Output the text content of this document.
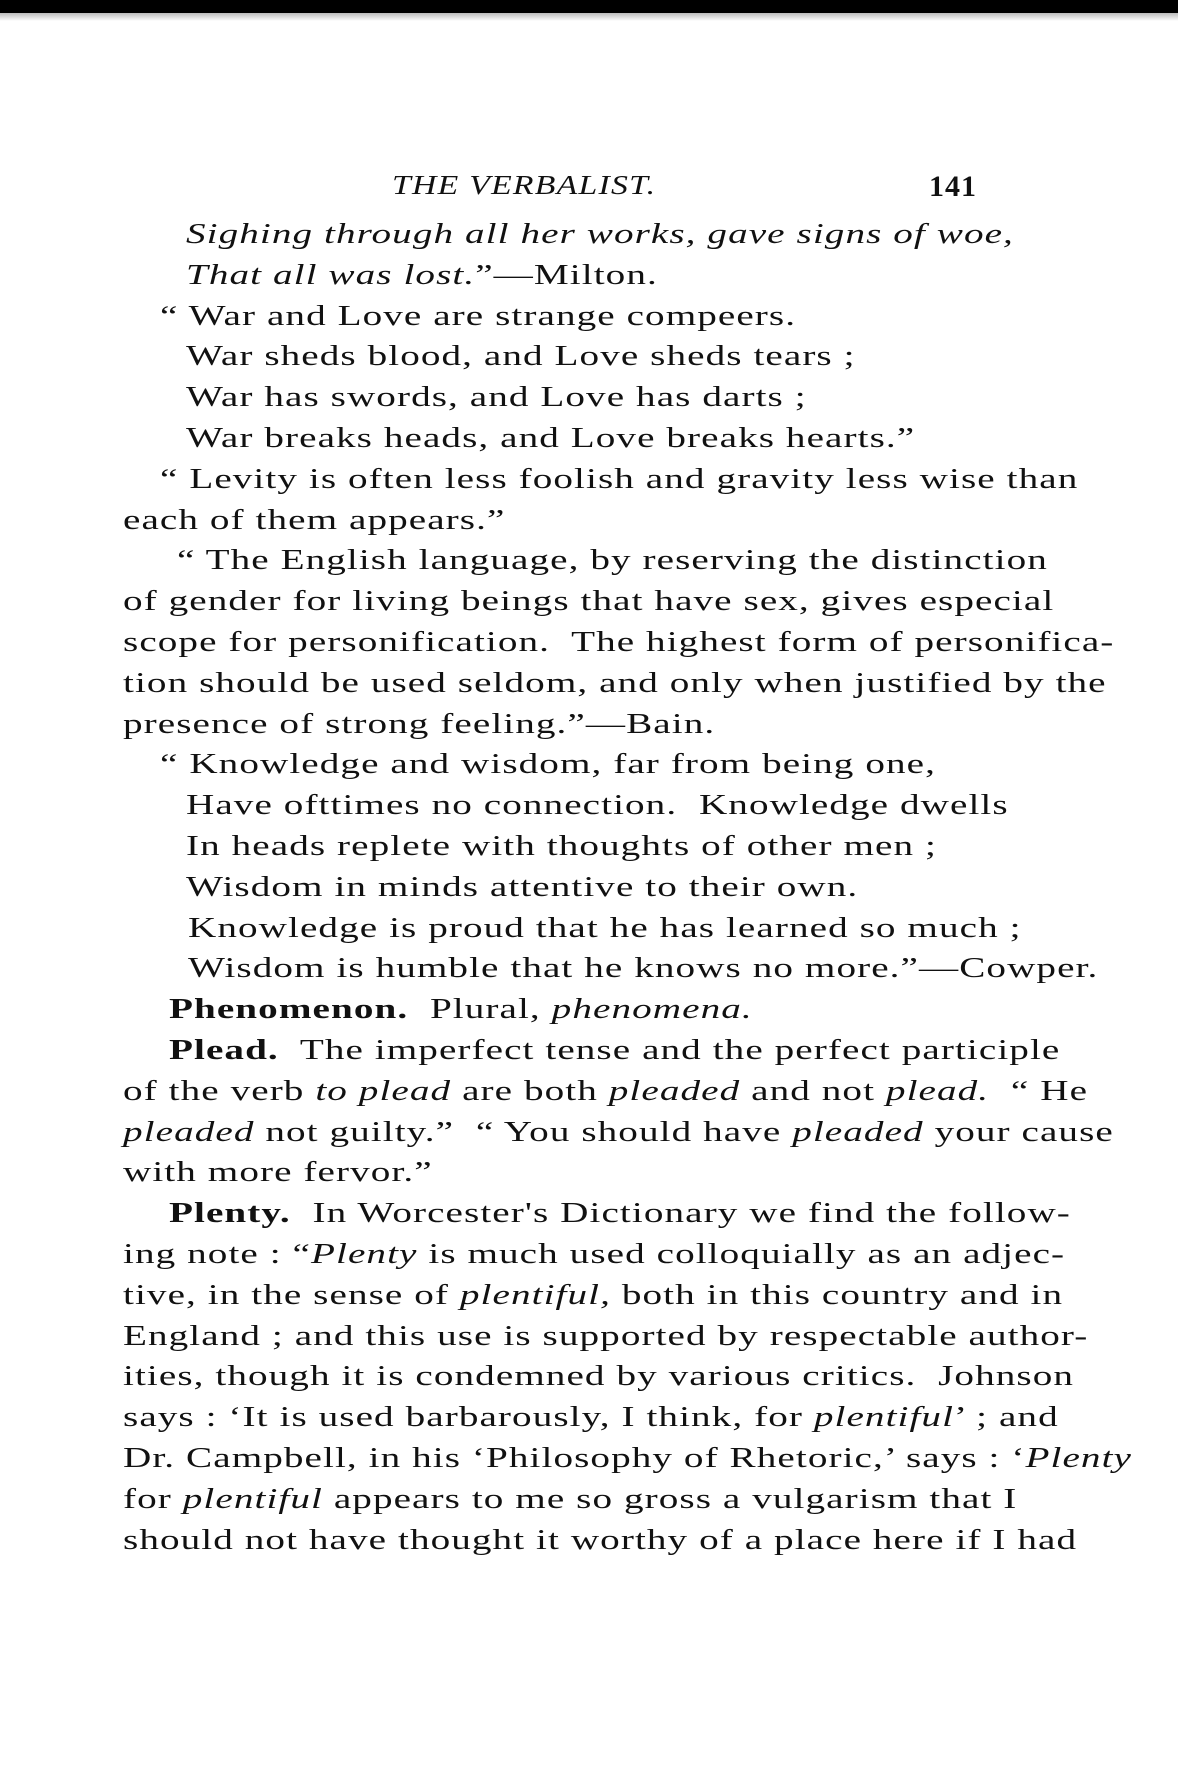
THE VERBALIST.	141
Sighing through all her works, gave signs of woe,
That all was lost.”—Milton.
“ War and Love are strange compeers.
War sheds blood, and Love sheds tears ;
War has swords, and Love has darts ;
War breaks heads, and Love breaks hearts.”
“ Levity is often less foolish and gravity less wise than
each of them appears.”
“ The English language, by reserving the distinction
of gender for living beings that have sex, gives especial
scope for personification.  The highest form of personifica-
tion should be used seldom, and only when justified by the
presence of strong feeling.”—Bain.
“ Knowledge and wisdom, far from being one,
Have ofttimes no connection.  Knowledge dwells
In heads replete with thoughts of other men ;
Wisdom in minds attentive to their own.
Knowledge is proud that he has learned so much ;
Wisdom is humble that he knows no more.”—Cowper.
Phenomenon.  Plural, phenomena.
Plead.  The imperfect tense and the perfect participle
of the verb to plead are both pleaded and not plead.  “ He
pleaded not guilty.”  “ You should have pleaded your cause
with more fervor.”
Plenty.  In Worcester's Dictionary we find the follow-
ing note : “Plenty is much used colloquially as an adjec-
tive, in the sense of plentiful, both in this country and in
England ; and this use is supported by respectable author-
ities, though it is condemned by various critics.  Johnson
says : ‘It is used barbarously, I think, for plentiful’ ; and
Dr. Campbell, in his ‘Philosophy of Rhetoric,’ says : ‘Plenty
for plentiful appears to me so gross a vulgarism that I
should not have thought it worthy of a place here if I had
